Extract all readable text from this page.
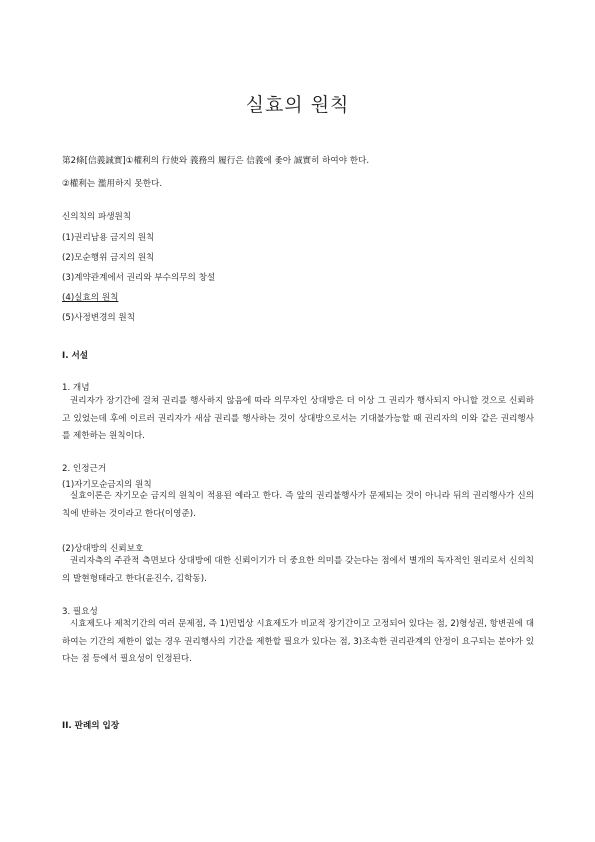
실효의 원칙
第2條[信義誠實]①權利의 行使와 義務의 履行은 信義에 좇아 誠實히 하여야 한다.
②權利는 濫用하지 못한다.
신의칙의 파생원칙
(1)권리남용 금지의 원칙
(2)모순행위 금지의 원칙
(3)계약관계에서 권리와 부수의무의 창설
(4)실효의 원칙
(5)사정변경의 원칙
I. 서설
1. 개념
권리자가 장기간에 걸쳐 권리를 행사하지 않음에 따라 의무자인 상대방은 더 이상 그 권리가 행사되지 아니할 것으로 신뢰하고 있었는데 후에 이르러 권리자가 새삼 권리를 행사하는 것이 상대방으로서는 기대불가능할 때 권리자의 이와 같은 권리행사를 제한하는 원칙이다.
2. 인정근거
(1)자기모순금지의 원칙
실효이론은 자기모순 금지의 원칙이 적용된 예라고 한다. 즉 앞의 권리불행사가 문제되는 것이 아니라 뒤의 권리행사가 신의칙에 반하는 것이라고 한다(이영준).
(2)상대방의 신뢰보호
권리자측의 주관적 측면보다 상대방에 대한 신뢰이기가 더 중요한 의미를 갖는다는 점에서 별개의 독자적인 원리로서 신의칙의 발현형태라고 한다(윤진수, 김학동).
3. 필요성
시효제도나 제척기간의 여러 문제점, 즉 1)민법상 시효제도가 비교적 장기간이고 고정되어 있다는 점, 2)형성권, 항변권에 대하여는 기간의 제한이 없는 경우 권리행사의 기간을 제한할 필요가 있다는 점, 3)조속한 권리관계의 안정이 요구되는 분야가 있다는 점 등에서 필요성이 인정된다.
II. 판례의 입장
